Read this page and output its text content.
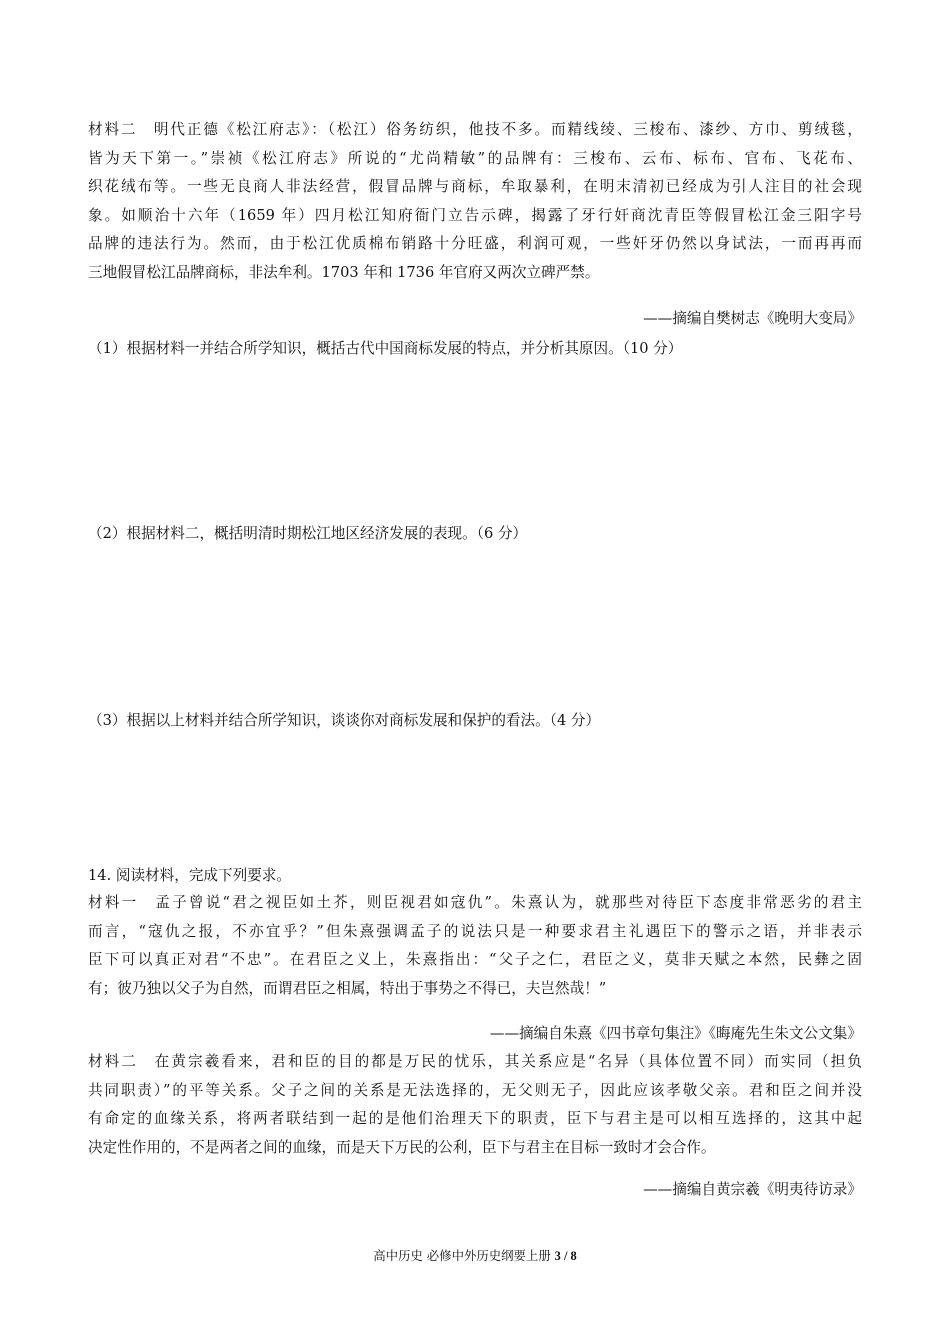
材料二　明代正德《松江府志》：（松江）俗务纺织，他技不多。而精线绫、三梭布、漆纱、方巾、剪绒毯，
皆为天下第一。”崇祯《松江府志》所说的“尤尚精敏”的品牌有：三梭布、云布、标布、官布、飞花布、
织花绒布等。一些无良商人非法经营，假冒品牌与商标，牟取暴利，在明末清初已经成为引人注目的社会现
象。如顺治十六年（1659 年）四月松江知府衙门立告示碑，揭露了牙行奸商沈青臣等假冒松江金三阳字号
品牌的违法行为。然而，由于松江优质棉布销路十分旺盛，利润可观，一些奸牙仍然以身试法，一而再再而
三地假冒松江品牌商标，非法牟利。1703 年和 1736 年官府又两次立碑严禁。
——摘编自樊树志《晚明大变局》
（1）根据材料一并结合所学知识，概括古代中国商标发展的特点，并分析其原因。（10 分）
（2）根据材料二，概括明清时期松江地区经济发展的表现。（6 分）
（3）根据以上材料并结合所学知识，谈谈你对商标发展和保护的看法。（4 分）
14. 阅读材料，完成下列要求。
材料一　孟子曾说“君之视臣如土芥，则臣视君如寇仇”。朱熹认为，就那些对待臣下态度非常恶劣的君主
而言，“寇仇之报，不亦宜乎？”但朱熹强调孟子的说法只是一种要求君主礼遇臣下的警示之语，并非表示
臣下可以真正对君“不忠”。在君臣之义上，朱熹指出：“父子之仁，君臣之义，莫非天赋之本然，民彝之固
有；彼乃独以父子为自然，而谓君臣之相属，特出于事势之不得已，夫岂然哉！”
——摘编自朱熹《四书章句集注》《晦庵先生朱文公文集》
材料二　在黄宗羲看来，君和臣的目的都是万民的忧乐，其关系应是“名异（具体位置不同）而实同（担负
共同职责）”的平等关系。父子之间的关系是无法选择的，无父则无子，因此应该孝敬父亲。君和臣之间并没
有命定的血缘关系，将两者联结到一起的是他们治理天下的职责，臣下与君主是可以相互选择的，这其中起
决定性作用的，不是两者之间的血缘，而是天下万民的公利，臣下与君主在目标一致时才会合作。
——摘编自黄宗羲《明夷待访录》
高中历史 必修中外历史纲要上册 3 / 8
